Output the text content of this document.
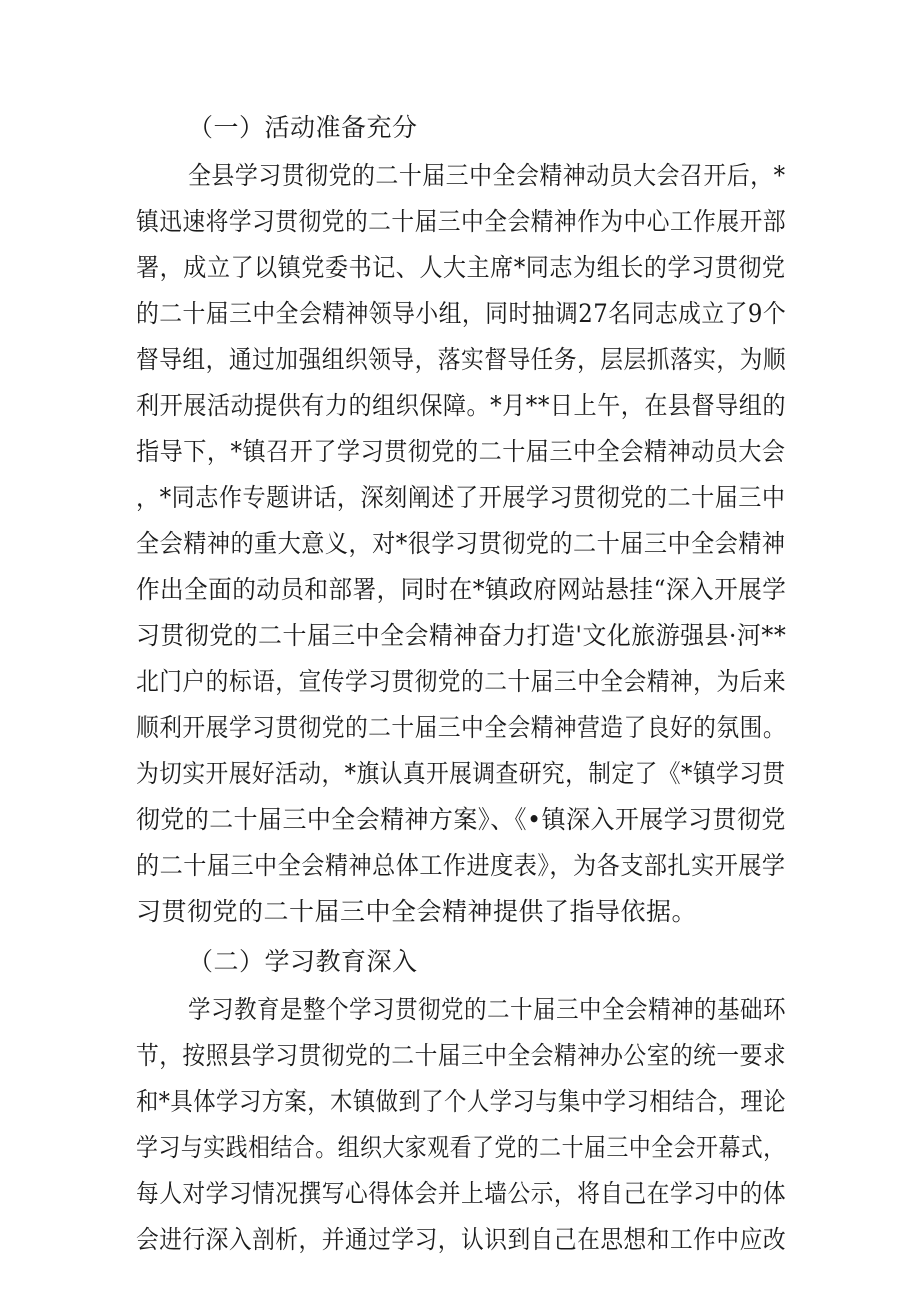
（一）活动准备充分
全县学习贯彻党的二十届三中全会精神动员大会召开后，*
镇迅速将学习贯彻党的二十届三中全会精神作为中心工作展开部
署，成立了以镇党委书记、人大主席*同志为组长的学习贯彻党
的二十届三中全会精神领导小组，同时抽调27名同志成立了9个
督导组，通过加强组织领导，落实督导任务，层层抓落实，为顺
利开展活动提供有力的组织保障。*月**日上午，在县督导组的
指导下，*镇召开了学习贯彻党的二十届三中全会精神动员大会
，*同志作专题讲话，深刻阐述了开展学习贯彻党的二十届三中
全会精神的重大意义，对*很学习贯彻党的二十届三中全会精神
作出全面的动员和部署，同时在*镇政府网站悬挂“深入开展学
习贯彻党的二十届三中全会精神奋力打造'文化旅游强县·河**
北门户的标语，宣传学习贯彻党的二十届三中全会精神，为后来
顺利开展学习贯彻党的二十届三中全会精神营造了良好的氛围。
为切实开展好活动，*旗认真开展调查研究，制定了《*镇学习贯
彻党的二十届三中全会精神方案》、《•镇深入开展学习贯彻党
的二十届三中全会精神总体工作进度表》，为各支部扎实开展学
习贯彻党的二十届三中全会精神提供了指导依据。
（二）学习教育深入
学习教育是整个学习贯彻党的二十届三中全会精神的基础环
节，按照县学习贯彻党的二十届三中全会精神办公室的统一要求
和*具体学习方案，木镇做到了个人学习与集中学习相结合，理论
学习与实践相结合。组织大家观看了党的二十届三中全会开幕式，
每人对学习情况撰写心得体会并上墙公示，将自己在学习中的体
会进行深入剖析，并通过学习，认识到自己在思想和工作中应改
